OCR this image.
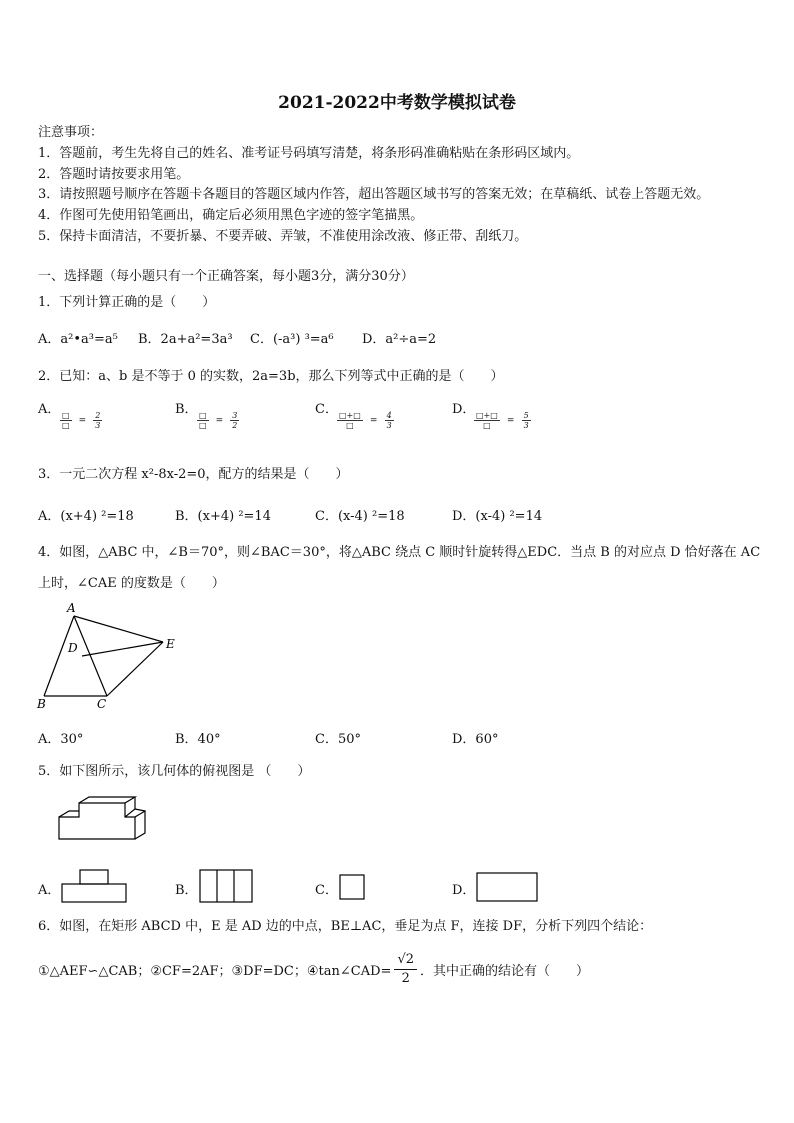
2021-2022中考数学模拟试卷
注意事项：
1．答题前，考生先将自己的姓名、准考证号码填写清楚，将条形码准确粘贴在条形码区域内。
2．答题时请按要求用笔。
3．请按照题号顺序在答题卡各题目的答题区域内作答，超出答题区域书写的答案无效；在草稿纸、试卷上答题无效。
4．作图可先使用铅笔画出，确定后必须用黑色字迹的签字笔描黑。
5．保持卡面清洁，不要折暴、不要弄破、弄皱，不准使用涂改液、修正带、刮纸刀。
一、选择题（每小题只有一个正确答案，每小题3分，满分30分）
1．下列计算正确的是（　　）
A．a²•a³=a⁵ B．2a+a²=3a³ C．(-a³) ³=a⁶ D．a²÷a=2
2．已知：a、b 是不等于 0 的实数，2a=3b，那么下列等式中正确的是（　　）
A．
$\frac{□}{□} = \frac{2}{3}$
B．
$\frac{□}{□} = \frac{3}{2}$
C．
$\frac{□+□}{□} = \frac{4}{3}$
D．
$\frac{□+□}{□} = \frac{5}{3}$
3．一元二次方程 x²-8x-2=0，配方的结果是（　　）
A．(x+4) ²=18	B．(x+4) ²=14	C．(x-4) ²=18	D．(x-4) ²=14
4．如图，△ABC 中，∠B＝70°，则∠BAC＝30°，将△ABC 绕点 C 顺时针旋转得△EDC．当点 B 的对应点 D 恰好落在 AC
上时，∠CAE 的度数是（　　）
A
D	E
B	C
A．30°	B．40°	C．50°	D．60°
5．如下图所示，该几何体的俯视图是 （　　）
A．	B．	C．	D．
6．如图，在矩形 ABCD 中，E 是 AD 边的中点，BE⊥AC，垂足为点 F，连接 DF，分析下列四个结论：
①△AEF∽△CAB；②CF=2AF；③DF=DC；④tan∠CAD= $\frac{√2}{2}$ ．其中正确的结论有（　　）
